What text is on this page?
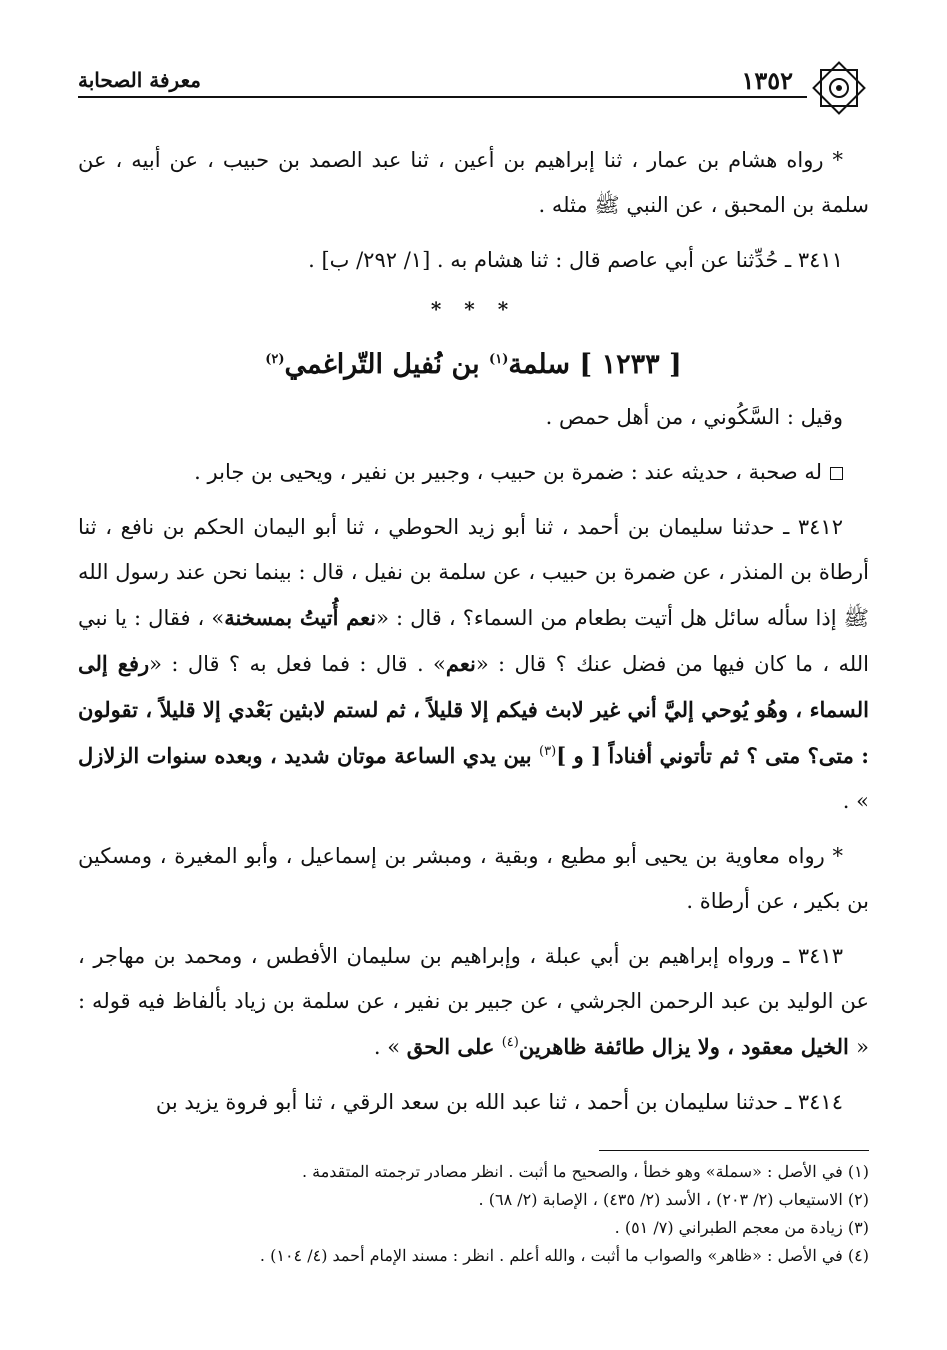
١٣٥٢
معرفة الصحابة

* رواه هشام بن عمار ، ثنا إبراهيم بن أعين ، ثنا عبد الصمد بن حبيب ، عن أبيه ، عن سلمة بن المحبق ، عن النبي ﷺ مثله .

٣٤١١ ـ حُدِّثنا عن أبي عاصم قال : ثنا هشام به . [١/ ٢٩٢/ ب] .

* * *
[ ١٢٣٣ ] سلمة$^{(١)}$ بن نُفيل التّراغمي$^{(٢)}$

وقيل : السَّكُوني ، من أهل حمص .

له صحبة ، حديثه عند : ضمرة بن حبيب ، وجبير بن نفير ، ويحيى بن جابر .

٣٤١٢ ـ حدثنا سليمان بن أحمد ، ثنا أبو زيد الحوطي ، ثنا أبو اليمان الحكم بن نافع ، ثنا أرطاة بن المنذر ، عن ضمرة بن حبيب ، عن سلمة بن نفيل ، قال : بينما نحن عند رسول الله ﷺ إذا سأله سائل هل أتيت بطعام من السماء؟ ، قال : «نعم أُتيتُ بمسخنة» ، فقال : يا نبي الله ، ما كان فيها من فضل عنك ؟ قال : «نعم» . قال : فما فعل به ؟ قال : «رفع إلى السماء ، وهُو يُوحي إليَّ أني غير لابث فيكم إلا قليلاً ، ثم لستم لابثين بَعْدي إلا قليلاً ، تقولون : متى؟ متى ؟ ثم تأتوني أفناداً [ و ]$^{(٣)}$ بين يدي الساعة موتان شديد ، وبعده سنوات الزلازل » .

* رواه معاوية بن يحيى أبو مطيع ، وبقية ، ومبشر بن إسماعيل ، وأبو المغيرة ، ومسكين بن بكير ، عن أرطاة .

٣٤١٣ ـ ورواه إبراهيم بن أبي عبلة ، وإبراهيم بن سليمان الأفطس ، ومحمد بن مهاجر ، عن الوليد بن عبد الرحمن الجرشي ، عن جبير بن نفير ، عن سلمة بن زياد بألفاظ فيه قوله : « الخيل معقود ، ولا يزال طائفة ظاهرين$^{(٤)}$ على الحق » .

٣٤١٤ ـ حدثنا سليمان بن أحمد ، ثنا عبد الله بن سعد الرقي ، ثنا أبو فروة يزيد بن

(١) في الأصل : «سملة» وهو خطأ ، والصحيح ما أثبت . انظر مصادر ترجمته المتقدمة .

(٢) الاستيعاب (٢/ ٢٠٣) ، الأسد (٢/ ٤٣٥) ، الإصابة (٢/ ٦٨) .

(٣) زيادة من معجم الطبراني (٧/ ٥١) .

(٤) في الأصل : «ظاهر» والصواب ما أثبت ، والله أعلم . انظر : مسند الإمام أحمد (٤/ ١٠٤) .
